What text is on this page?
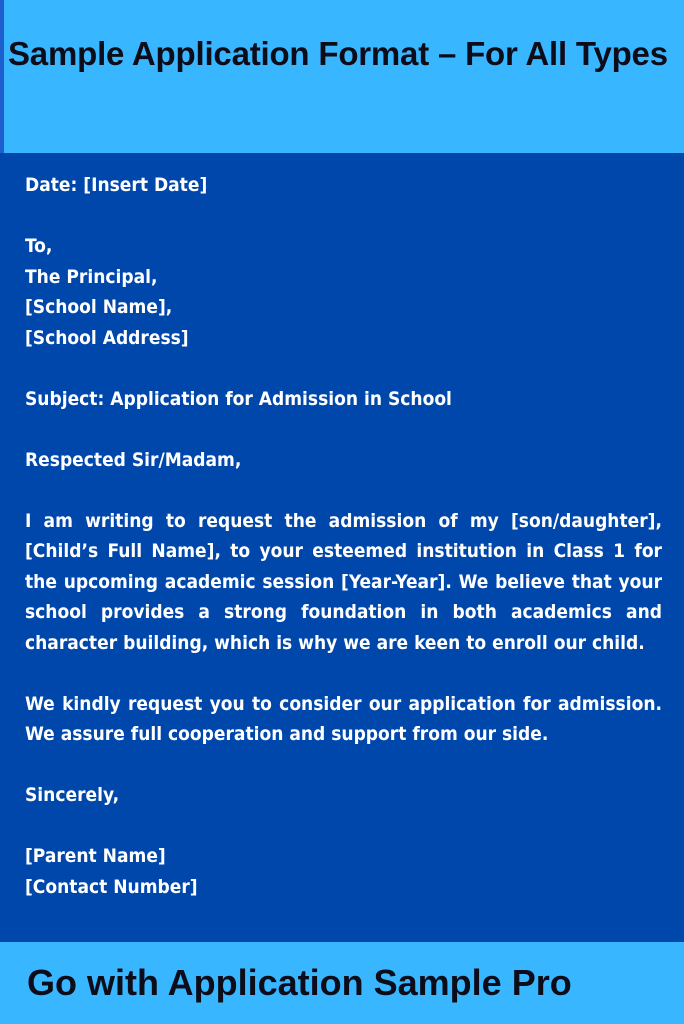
Sample Application Format – For All Types

Date: [Insert Date]

To,

The Principal,

[School Name],

[School Address]

Subject: Application for Admission in School

Respected Sir/Madam,

I am writing to request the admission of my [son/daughter], [Child’s Full Name], to your esteemed institution in Class 1 for the upcoming academic session [Year-Year]. We believe that your school provides a strong foundation in both academics and character building, which is why we are keen to enroll our child.

We kindly request you to consider our application for admission. We assure full cooperation and support from our side.

Sincerely,

[Parent Name]

[Contact Number]

Go with Application Sample Pro
